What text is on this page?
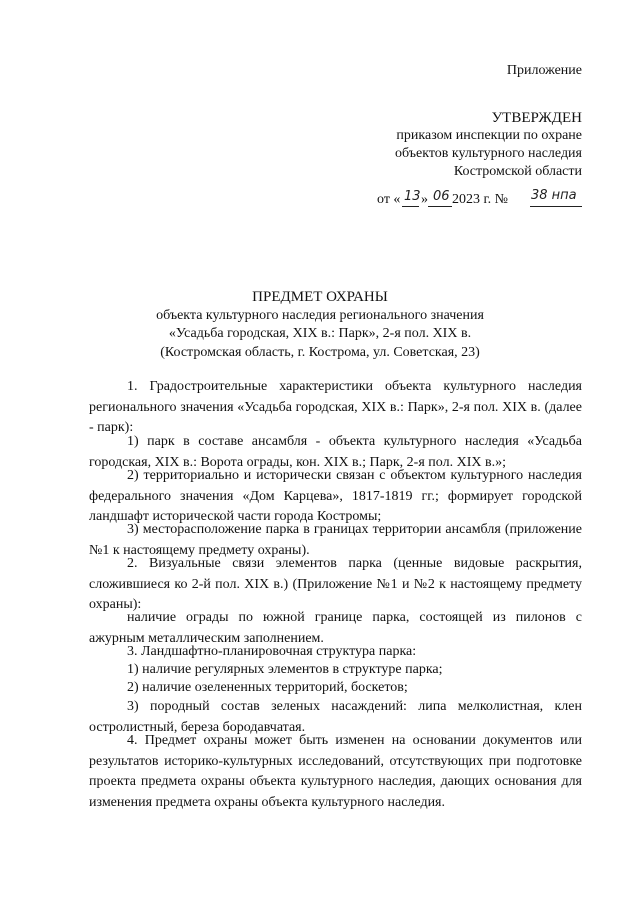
Приложение
УТВЕРЖДЕН
приказом инспекции по охране
объектов культурного наследия
Костромской области
от « 13 » 06 2023 г. № 38 нпа
ПРЕДМЕТ ОХРАНЫ
объекта культурного наследия регионального значения
«Усадьба городская, XIX в.: Парк», 2-я пол. XIX в.
(Костромская область, г. Кострома, ул. Советская, 23)

1. Градостроительные характеристики объекта культурного наследия регионального значения «Усадьба городская, XIX в.: Парк», 2-я пол. XIX в. (далее - парк):

1) парк в составе ансамбля - объекта культурного наследия «Усадьба городская, XIX в.: Ворота ограды, кон. XIX в.; Парк, 2-я пол. XIX в.»;

2) территориально и исторически связан с объектом культурного наследия федерального значения «Дом Карцева», 1817-1819 гг.; формирует городской ландшафт исторической части города Костромы;

3) месторасположение парка в границах территории ансамбля (приложение №1 к настоящему предмету охраны).

2. Визуальные связи элементов парка (ценные видовые раскрытия, сложившиеся ко 2-й пол. XIX в.) (Приложение №1 и №2 к настоящему предмету охраны):

наличие ограды по южной границе парка, состоящей из пилонов с ажурным металлическим заполнением.

3. Ландшафтно-планировочная структура парка:

1) наличие регулярных элементов в структуре парка;

2) наличие озелененных территорий, боскетов;

3) породный состав зеленых насаждений: липа мелколистная, клен остролистный, береза бородавчатая.

4. Предмет охраны может быть изменен на основании документов или результатов историко-культурных исследований, отсутствующих при подготовке проекта предмета охраны объекта культурного наследия, дающих основания для изменения предмета охраны объекта культурного наследия.
